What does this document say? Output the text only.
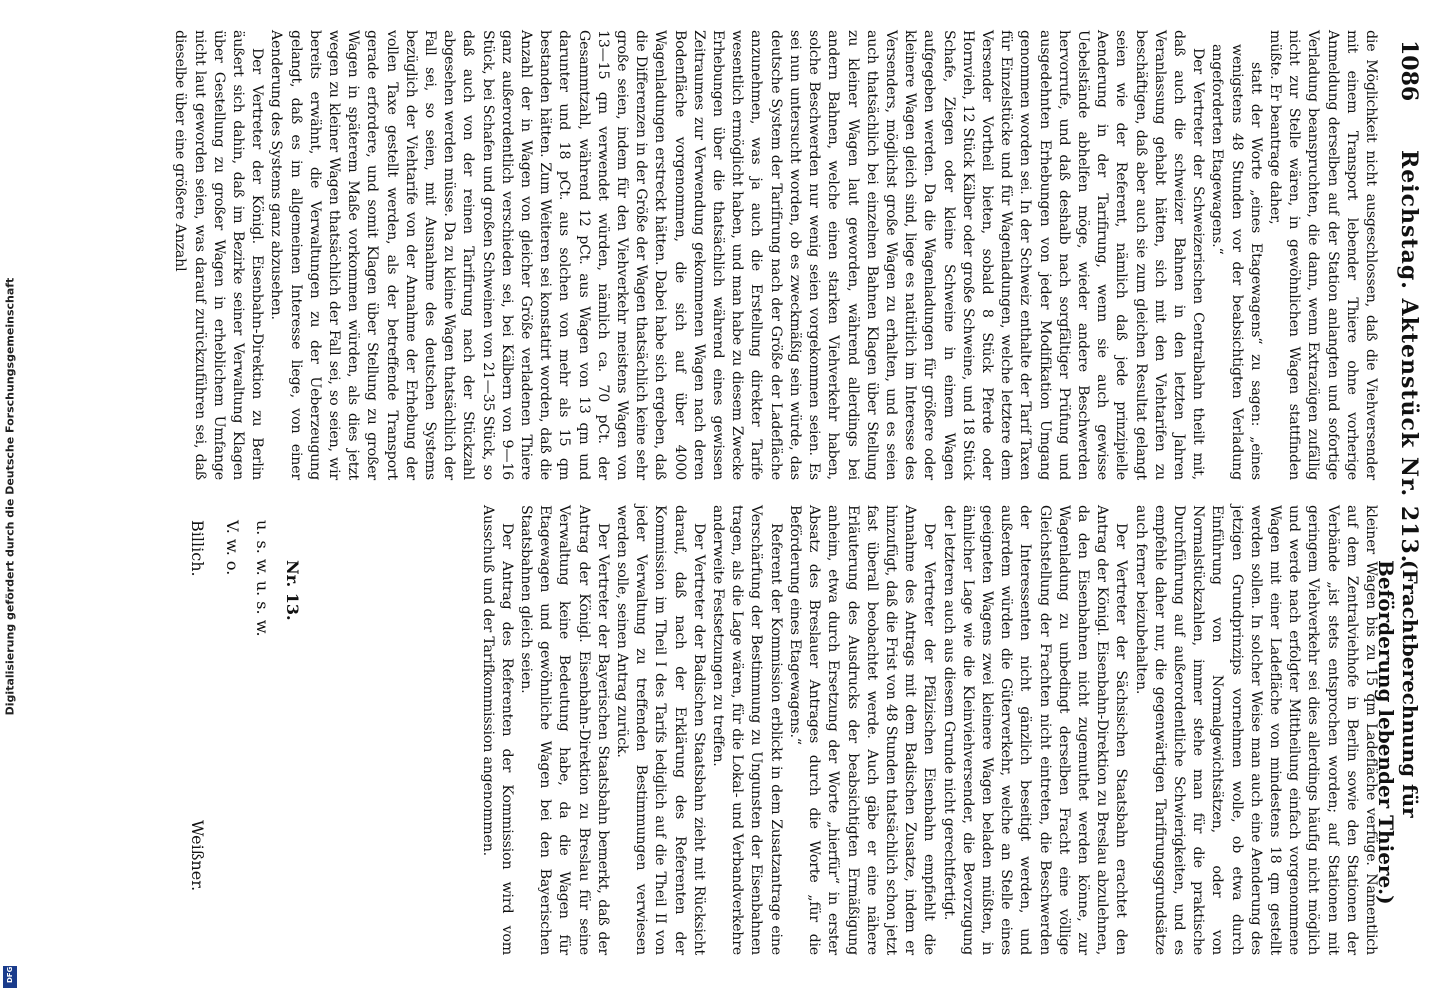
Digitalisierung gefördert durch die Deutsche Forschungsgemeinschaft
DFG
1086
Reichstag. Aktenstück Nr. 213.
(Frachtberechnung für Beförderung lebender Thiere.)

die Möglichkeit nicht ausgeschlossen, daß die Viehversender mit einem Transport lebender Thiere ohne vorherige Anmeldung derselben auf der Station anlangten und sofortige Verladung beanspruchten, die dann, wenn Extrazügen zufällig nicht zur Stelle wären, in gewöhnlichen Wagen stattfinden müßte. Er beantrage daher,

statt der Worte „eines Etagewagens“ zu sagen: „eines wenigstens 48 Stunden vor der beabsichtigten Verladung angeforderten Etagewagens.“

Der Vertreter der Schweizerischen Centralbahn theilt mit, daß auch die schweizer Bahnen in den letzten Jahren Veranlassung gehabt hätten, sich mit den Viehtarifen zu beschäftigen, daß aber auch sie zum gleichen Resultat gelangt seien wie der Referent, nämlich daß jede prinzipielle Aenderung in der Tarifirung, wenn sie auch gewisse Uebelstände abhelfen möge, wieder andere Beschwerden hervorrufe, und daß deshalb nach sorgfältiger Prüfung und ausgedehnten Erhebungen von jeder Modifikation Umgang genommen worden sei. In der Schweiz enthalte der Tarif Taxen für Einzelstücke und für Wagenladungen, welche letztere dem Versender Vortheil bieten, sobald 8 Stück Pferde oder Hornvieh, 12 Stück Kälber oder große Schweine, und 18 Stück Schafe, Ziegen oder kleine Schweine in einem Wagen aufgegeben werden. Da die Wagenladungen für größere oder kleinere Wagen gleich sind, liege es natürlich im Interesse des Versenders, möglichst große Wagen zu erhalten, und es seien auch thatsächlich bei einzelnen Bahnen Klagen über Stellung zu kleiner Wagen laut geworden, während allerdings bei andern Bahnen, welche einen starken Viehverkehr haben, solche Beschwerden nur wenig seien vorgekommen seien. Es sei nun untersucht worden, ob es zweckmäßig sein würde, das deutsche System der Tarifirung nach der Größe der Ladefläche anzunehmen, was ja auch die Erstellung direkter Tarife wesentlich ermöglicht haben, und man habe zu diesem Zwecke Erhebungen über die thatsächlich während eines gewissen Zeitraumes zur Verwendung gekommenen Wagen nach deren Bodenfläche vorgenommen, die sich auf über 4000 Wagenladungen erstreckt hätten. Dabei habe sich ergeben, daß die Differenzen in der Größe der Wagen thatsächlich keine sehr große seien, indem für den Viehverkehr meistens Wagen von 13—15 qm verwendet würden, nämlich ca. 70 pCt. der Gesammtzahl, während 12 pCt. aus Wagen von 13 qm und darunter und 18 pCt. aus solchen von mehr als 15 qm bestanden hätten. Zum Weiteren sei konstatirt worden, daß die Anzahl der in Wagen von gleicher Größe verladenen Thiere ganz außerordentlich verschieden sei, bei Kälbern von 9—16 Stück, bei Schafen und großen Schweinen von 21—35 Stück, so daß auch von der reinen Tarifirung nach der Stückzahl abgesehen werden müsse. Da zu kleine Wagen thatsächlich der Fall sei, so seien, mit Ausnahme des deutschen Systems bezüglich der Viehtarife von der Annahme der Erhebung der vollen Taxe gestellt werden, als der betreffende Transport gerade erfordere, und somit Klagen über Stellung zu großer Wagen in späterem Maße vorkommen würden, als dies jetzt wegen zu kleiner Wagen thatsächlich der Fall sei, so seien, wir bereits erwähnt, die Verwaltungen zu der Ueberzeugung gelangt, daß es im allgemeinen Interesse liege, von einer Aenderung des Systems ganz abzusehen.

Der Vertreter der Königl. Eisenbahn-Direktion zu Berlin äußert sich dahin, daß im Bezirke seiner Verwaltung Klagen über Gestellung zu großer Wagen in erheblichem Umfange nicht laut geworden seien, was darauf zurückzuführen sei, daß dieselbe über eine größere Anzahl

kleiner Wagen bis zu 15 qm Ladefläche verfüge. Namentlich auf dem Zentralviehhofe in Berlin sowie den Stationen der Verbände „ist stets entsprochen worden; auf Stationen mit geringem Viehverkehr sei dies allerdings häufig nicht möglich und werde nach erfolgter Mittheilung einfach vorgenommene Wagen mit einer Ladefläche von mindestens 18 qm gestellt werden sollen. In solcher Weise man auch eine Aenderung des jetzigen Grundprinzips vornehmen wolle, ob etwa durch Einführung von Normalgewichtsätzen, oder von Normalstückzahlen, immer stehe man für die praktische Durchführung auf außerordentliche Schwierigkeiten, und es empfehle daher nur, die gegenwärtigen Tarifirungsgrundsätze auch ferner beizubehalten.

Der Vertreter der Sächsischen Staatsbahn erachtet den Antrag der Königl. Eisenbahn-Direktion zu Breslau abzulehnen, da den Eisenbahnen nicht zugemuthet werden könne, zur Wagenladung zu unbedingt derselben Fracht eine völlige Gleichstellung der Frachten nicht eintreten, die Beschwerden der Interessenten nicht gänzlich beseitigt werden, und außerdem würden die Güterverkehr, welche an Stelle eines geeigneten Wagens zwei kleinere Wagen beladen müßten, in ähnlicher Lage wie die Kleinviehversender, die Bevorzugung der letzteren auch aus diesem Grunde nicht gerechtfertigt.

Der Vertreter der Pfälzischen Eisenbahn empfiehlt die Annahme des Antrags mit dem Badischen Zusatze, indem er hinzufügt, daß die Frist von 48 Stunden thatsächlich schon jetzt fast überall beobachtet werde. Auch gäbe er eine nähere Erläuterung des Ausdrucks der beabsichtigten Ermäßigung anheim, etwa durch Ersetzung der Worte „hierfür“ in erster Absatz des Breslauer Antrages durch die Worte „für die Beförderung eines Etagewagens.“

Referent der Kommission erblickt in dem Zusatzantrage eine Verschärfung der Bestimmung zu Ungunsten der Eisenbahnen tragen, als die Lage wären, für die Lokal- und Verbandverkehre anderweite Festsetzungen zu treffen.

Der Vertreter der Badischen Staatsbahn zieht mit Rücksicht darauf, daß nach der Erklärung des Referenten der Kommission im Theil I des Tarifs lediglich auf die Theil II von jeder Verwaltung zu treffenden Bestimmungen verwiesen werden solle, seinen Antrag zurück.

Der Vertreter der Bayerischen Staatsbahn bemerkt, daß der Antrag der Königl. Eisenbahn-Direktion zu Breslau für seine Verwaltung keine Bedeutung habe, da die Wagen für Etagewagen und gewöhnliche Wagen bei den Bayerischen Staatsbahnen gleich seien.

Der Antrag des Referenten der Kommission wird vom Ausschuß und der Tarifkommission angenommen.

Nr. 13.
u. s. w. u. s. w.
V. w. o.
Billich.
Weißner.
